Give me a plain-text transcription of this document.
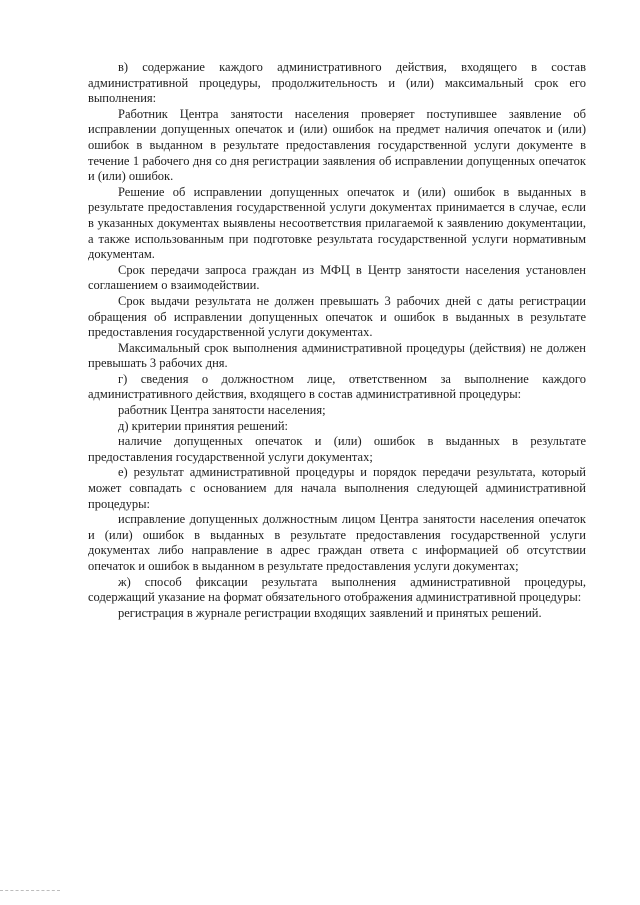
в) содержание каждого административного действия, входящего в состав административной процедуры, продолжительность и (или) максимальный срок его выполнения:

Работник Центра занятости населения проверяет поступившее заявление об исправлении допущенных опечаток и (или) ошибок на предмет наличия опечаток и (или) ошибок в выданном в результате предоставления государственной услуги документе в течение 1 рабочего дня со дня регистрации заявления об исправлении допущенных опечаток и (или) ошибок.

Решение об исправлении допущенных опечаток и (или) ошибок в выданных в результате предоставления государственной услуги документах принимается в случае, если в указанных документах выявлены несоответствия прилагаемой к заявлению документации, а также использованным при подготовке результата государственной услуги нормативным документам.

Срок передачи запроса граждан из МФЦ в Центр занятости населения установлен соглашением о взаимодействии.

Срок выдачи результата не должен превышать 3 рабочих дней с даты регистрации обращения об исправлении допущенных опечаток и ошибок в выданных в результате предоставления государственной услуги документах.

Максимальный срок выполнения административной процедуры (действия) не должен превышать 3 рабочих дня.

г) сведения о должностном лице, ответственном за выполнение каждого административного действия, входящего в состав административной процедуры:

работник Центра занятости населения;

д) критерии принятия решений:

наличие допущенных опечаток и (или) ошибок в выданных в результате предоставления государственной услуги документах;

е) результат административной процедуры и порядок передачи результата, который может совпадать с основанием для начала выполнения следующей административной процедуры:

исправление допущенных должностным лицом Центра занятости населения опечаток и (или) ошибок в выданных в результате предоставления государственной услуги документах либо направление в адрес граждан ответа с информацией об отсутствии опечаток и ошибок в выданном в результате предоставления услуги документах;

ж) способ фиксации результата выполнения административной процедуры, содержащий указание на формат обязательного отображения административной процедуры:

регистрация в журнале регистрации входящих заявлений и принятых решений.
